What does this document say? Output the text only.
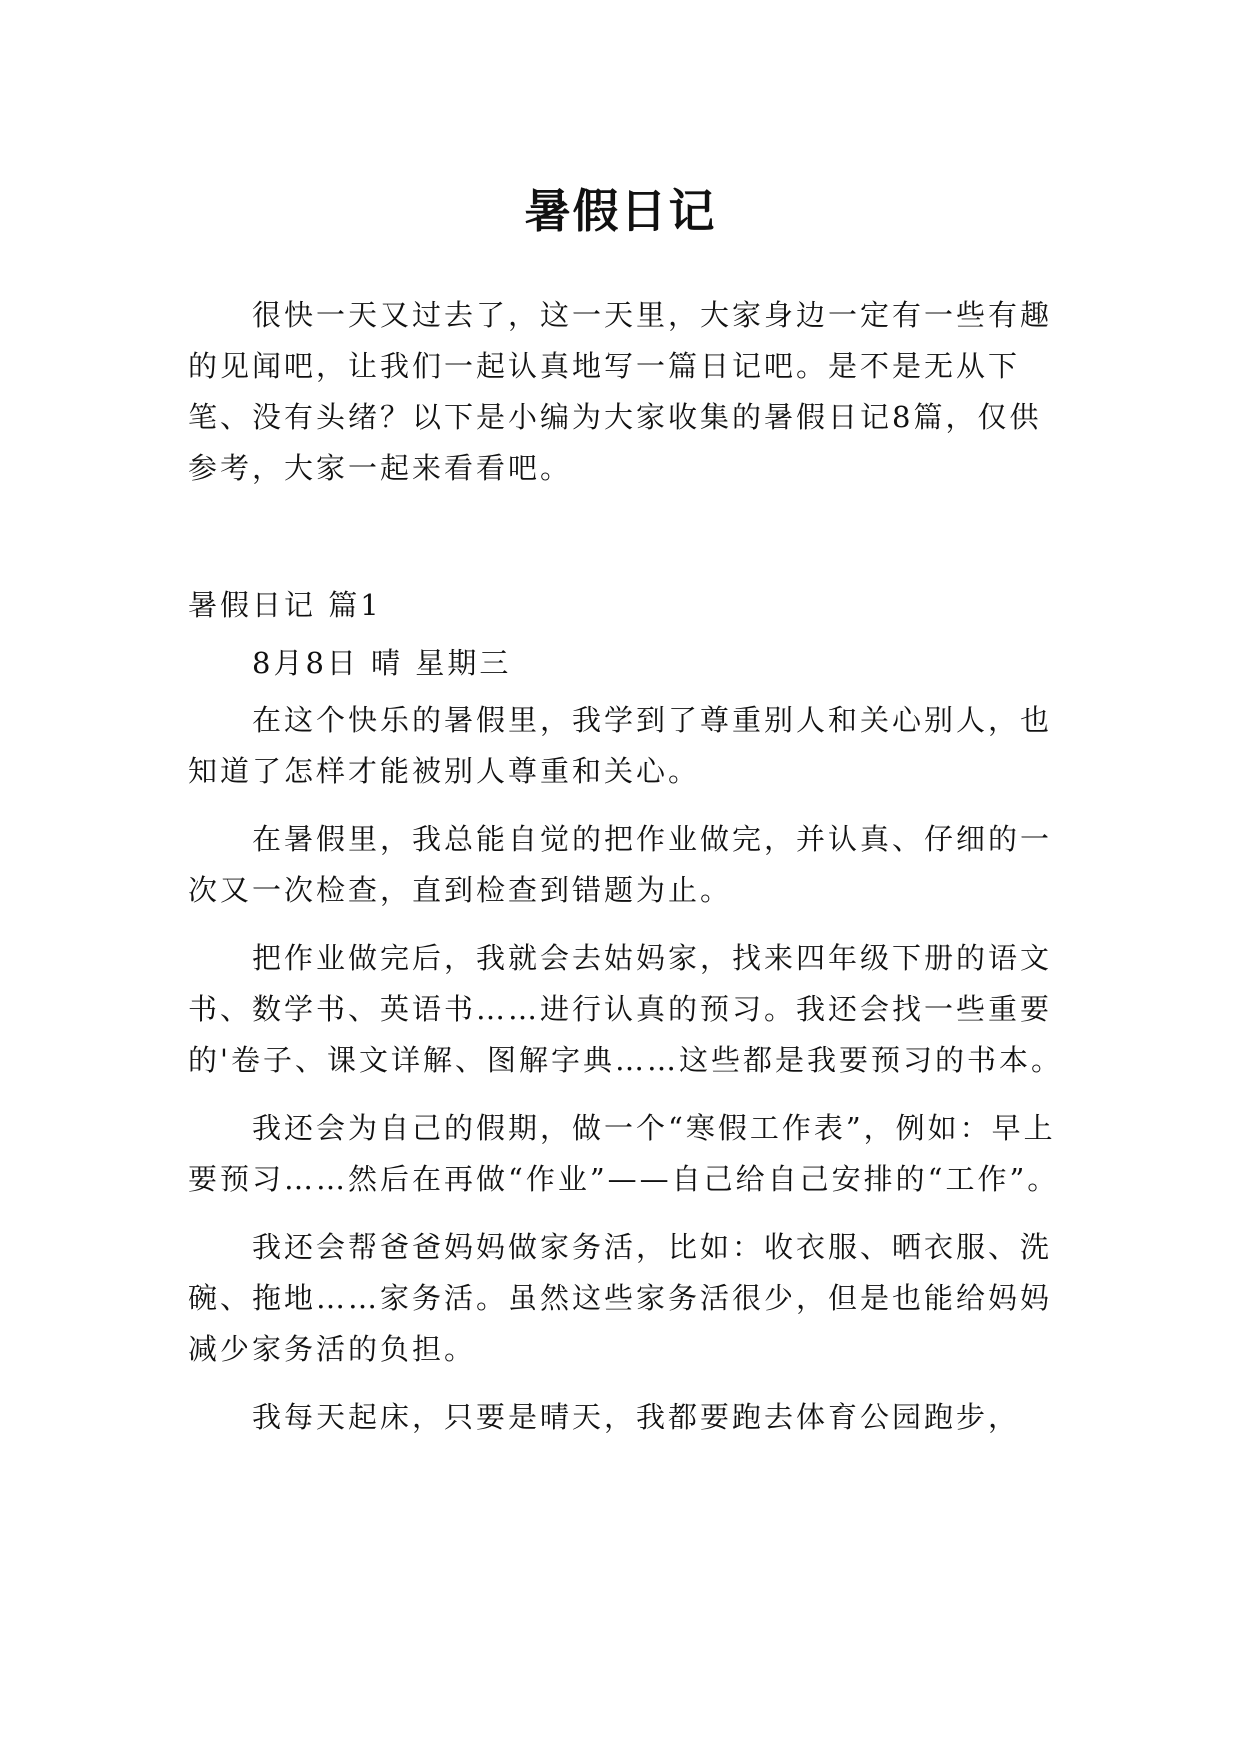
暑假日记

很快一天又过去了，这一天里，大家身边一定有一些有趣的见闻吧，让我们一起认真地写一篇日记吧。是不是无从下笔、没有头绪？以下是小编为大家收集的暑假日记8篇，仅供参考，大家一起来看看吧。

暑假日记 篇1

8月8日 晴 星期三

在这个快乐的暑假里，我学到了尊重别人和关心别人，也知道了怎样才能被别人尊重和关心。

在暑假里，我总能自觉的把作业做完，并认真、仔细的一次又一次检查，直到检查到错题为止。

把作业做完后，我就会去姑妈家，找来四年级下册的语文书、数学书、英语书……进行认真的预习。我还会找一些重要的'卷子、课文详解、图解字典……这些都是我要预习的书本。

我还会为自己的假期，做一个“寒假工作表”，例如：早上要预习……然后在再做“作业”——自己给自己安排的“工作”。

我还会帮爸爸妈妈做家务活，比如：收衣服、晒衣服、洗碗、拖地……家务活。虽然这些家务活很少，但是也能给妈妈减少家务活的负担。

我每天起床，只要是晴天，我都要跑去体育公园跑步，
